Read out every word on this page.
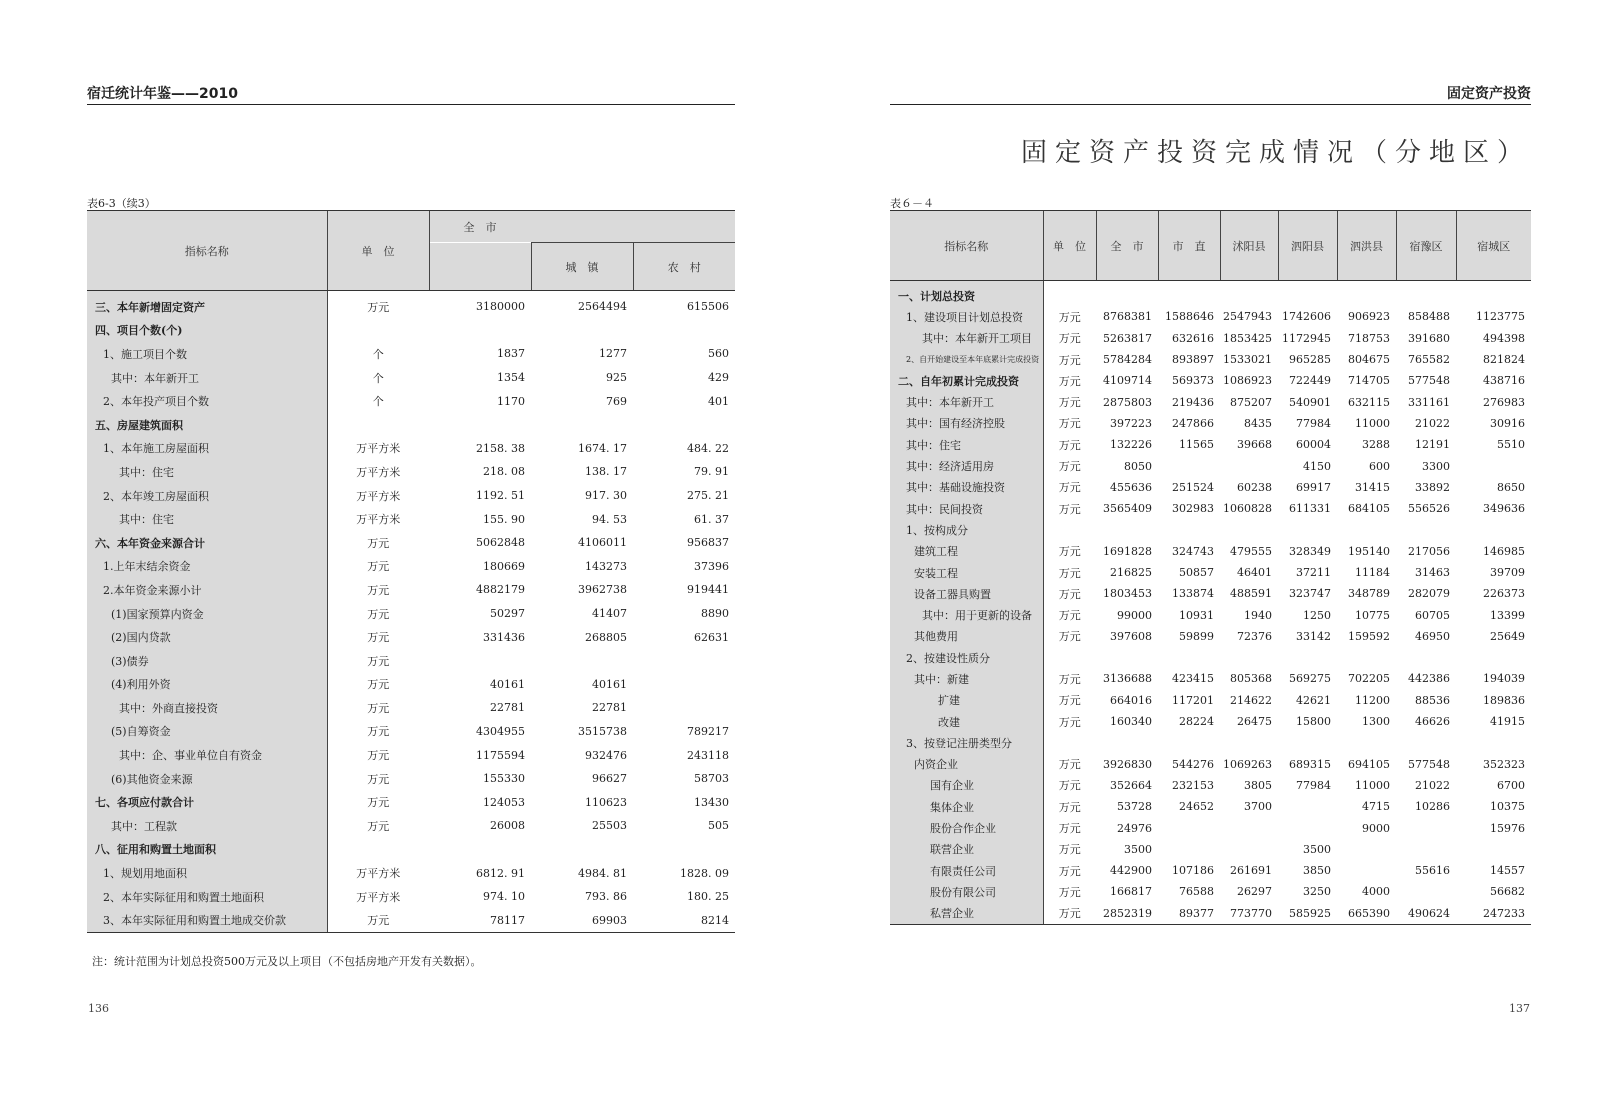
宿迁统计年鉴——2010
表6-3（续3）
指标名称	单　位	全　市		
			城　镇	农　村
三、本年新增固定资产	万元	3180000	2564494	615506
四、项目个数(个)				
1、施工项目个数	个	1837	1277	560
其中：本年新开工	个	1354	925	429
2、本年投产项目个数	个	1170	769	401
五、房屋建筑面积				
1、本年施工房屋面积	万平方米	2158. 38	1674. 17	484. 22
其中：住宅	万平方米	218. 08	138. 17	79. 91
2、本年竣工房屋面积	万平方米	1192. 51	917. 30	275. 21
其中：住宅	万平方米	155. 90	94. 53	61. 37
六、本年资金来源合计	万元	5062848	4106011	956837
1.上年末结余资金	万元	180669	143273	37396
2.本年资金来源小计	万元	4882179	3962738	919441
(1)国家预算内资金	万元	50297	41407	8890
(2)国内贷款	万元	331436	268805	62631
(3)债券	万元			
(4)利用外资	万元	40161	40161	
其中：外商直接投资	万元	22781	22781	
(5)自筹资金	万元	4304955	3515738	789217
其中：企、事业单位自有资金	万元	1175594	932476	243118
(6)其他资金来源	万元	155330	96627	58703
七、各项应付款合计	万元	124053	110623	13430
其中：工程款	万元	26008	25503	505
八、征用和购置土地面积				
1、规划用地面积	万平方米	6812. 91	4984. 81	1828. 09
2、本年实际征用和购置土地面积	万平方米	974. 10	793. 86	180. 25
3、本年实际征用和购置土地成交价款	万元	78117	69903	8214
注：统计范围为计划总投资500万元及以上项目（不包括房地产开发有关数据）。
136
固定资产投资
固定资产投资完成情况（分地区）
表６－４
指标名称	单　位	全　市	市　直	沭阳县	泗阳县	泗洪县	宿豫区	宿城区
一、计划总投资								
1、建设项目计划总投资	万元	8768381	1588646	2547943	1742606	906923	858488	1123775
其中：本年新开工项目	万元	5263817	632616	1853425	1172945	718753	391680	494398
2、自开始建设至本年底累计完成投资	万元	5784284	893897	1533021	965285	804675	765582	821824
二、自年初累计完成投资	万元	4109714	569373	1086923	722449	714705	577548	438716
其中：本年新开工	万元	2875803	219436	875207	540901	632115	331161	276983
其中：国有经济控股	万元	397223	247866	8435	77984	11000	21022	30916
其中：住宅	万元	132226	11565	39668	60004	3288	12191	5510
其中：经济适用房	万元	8050			4150	600	3300	
其中：基础设施投资	万元	455636	251524	60238	69917	31415	33892	8650
其中：民间投资	万元	3565409	302983	1060828	611331	684105	556526	349636
1、按构成分								
建筑工程	万元	1691828	324743	479555	328349	195140	217056	146985
安装工程	万元	216825	50857	46401	37211	11184	31463	39709
设备工器具购置	万元	1803453	133874	488591	323747	348789	282079	226373
其中：用于更新的设备	万元	99000	10931	1940	1250	10775	60705	13399
其他费用	万元	397608	59899	72376	33142	159592	46950	25649
2、按建设性质分								
其中：新建	万元	3136688	423415	805368	569275	702205	442386	194039
扩建	万元	664016	117201	214622	42621	11200	88536	189836
改建	万元	160340	28224	26475	15800	1300	46626	41915
3、按登记注册类型分								
内资企业	万元	3926830	544276	1069263	689315	694105	577548	352323
国有企业	万元	352664	232153	3805	77984	11000	21022	6700
集体企业	万元	53728	24652	3700		4715	10286	10375
股份合作企业	万元	24976				9000		15976
联营企业	万元	3500			3500			
有限责任公司	万元	442900	107186	261691	3850		55616	14557
股份有限公司	万元	166817	76588	26297	3250	4000		56682
私营企业	万元	2852319	89377	773770	585925	665390	490624	247233
137
